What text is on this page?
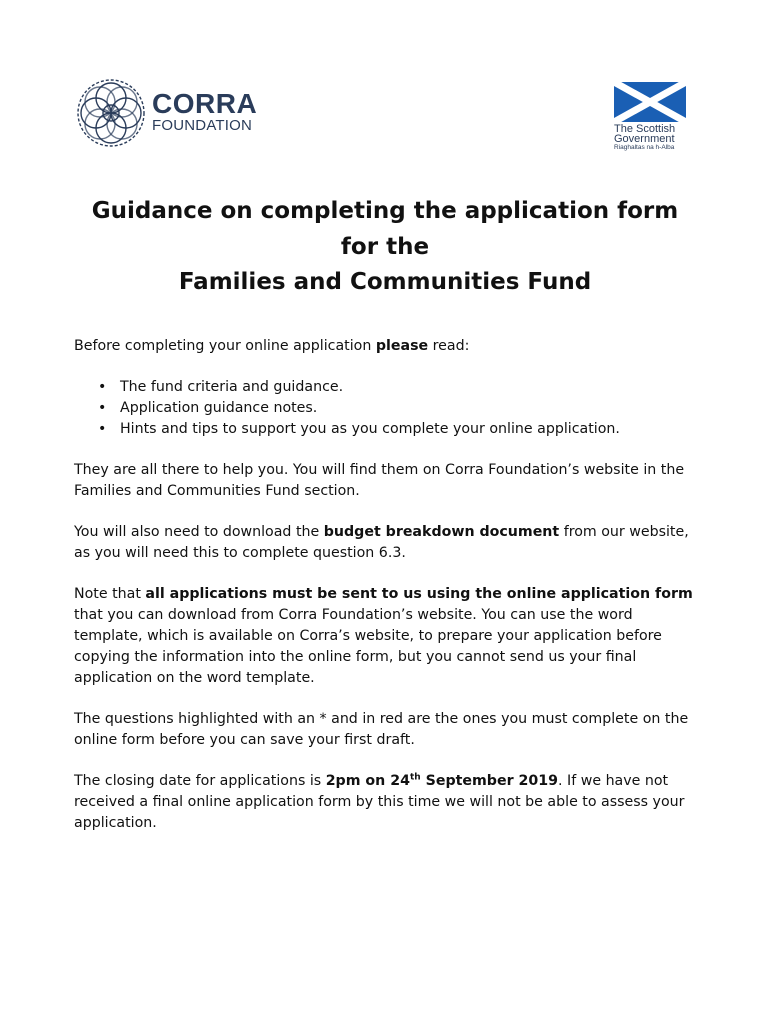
CORRA
FOUNDATION	The Scottish
Government
Riaghaltas na h-Alba
Guidance on completing the application form
for the
Families and Communities Fund

Before completing your online application please read:

• The fund criteria and guidance.
• Application guidance notes.
• Hints and tips to support you as you complete your online application.

They are all there to help you. You will find them on Corra Foundation’s website in the Families and Communities Fund section.

You will also need to download the budget breakdown document from our website, as you will need this to complete question 6.3.

Note that all applications must be sent to us using the online application form that you can download from Corra Foundation’s website. You can use the word template, which is available on Corra’s website, to prepare your application before copying the information into the online form, but you cannot send us your final application on the word template.

The questions highlighted with an * and in red are the ones you must complete on the online form before you can save your first draft.

The closing date for applications is 2pm on 24th September 2019. If we have not received a final online application form by this time we will not be able to assess your application.
